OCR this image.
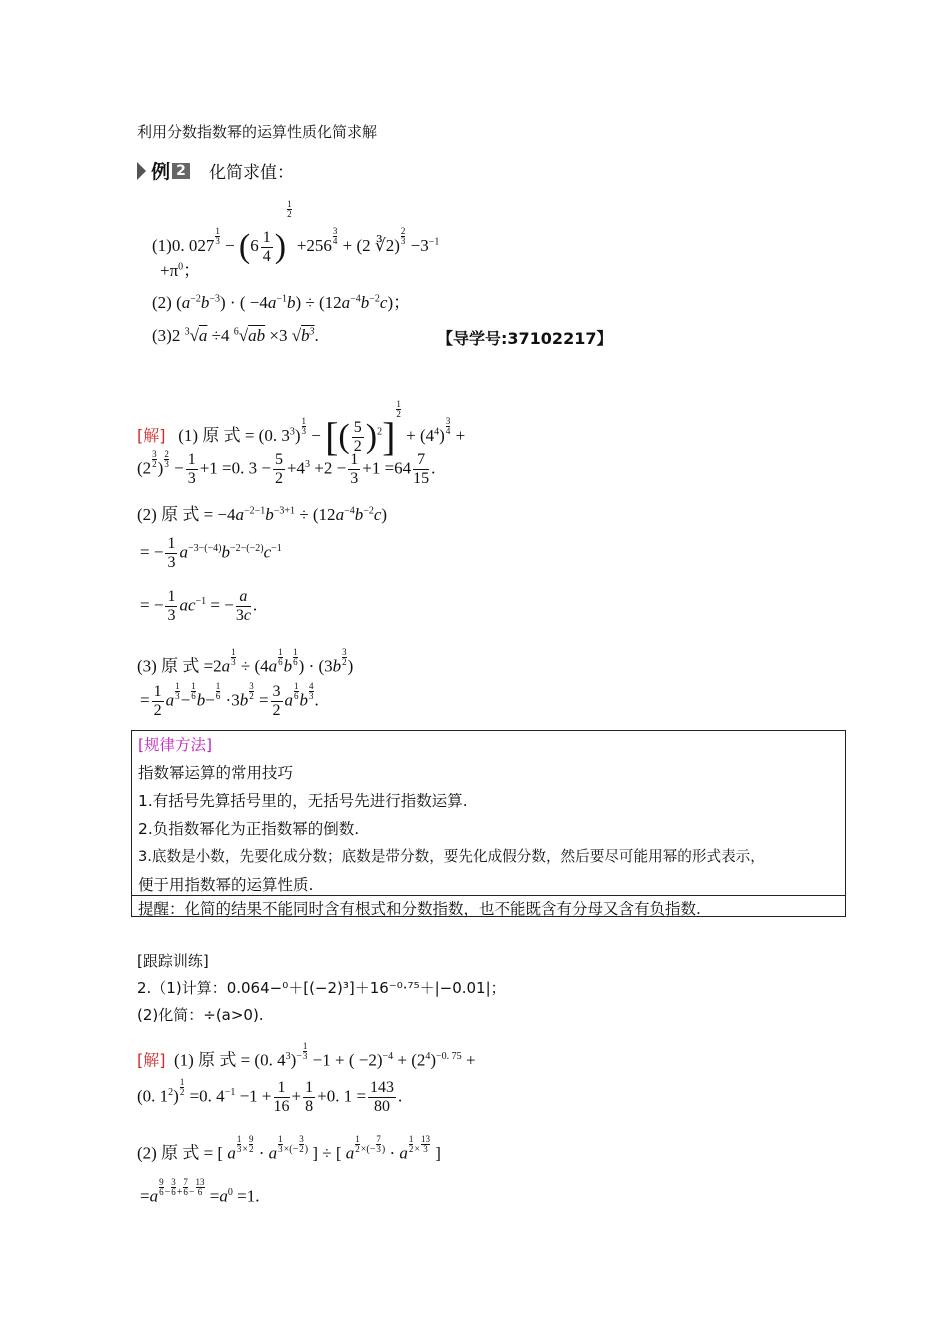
利用分数指数幂的运算性质化简求解
例 2 化简求值：
(1)0. $027 \frac{1}{3} - (6 \frac{1}{4}$ )
$\frac{1}{2}$
$+256 \frac{3}{4} + (2$ ∛2) $\frac{2}{3} -3^{-1}$
$+\pi^0$；
(2) $(a^{-2}b^{-3})$ · ( $-4a^{-1}b) \div (12a^{-4}b^{-2}c)$；
(3)2 $^3$√a ÷4 $^6$√ab ×3 $√b^3$.	【导学号:37102217】
[解]   (1) 原 式 = (0. $3^3) \frac{1}{3}$ − [( $\frac{5}{2} )^2$]
$\frac{1}{2}$
+ $(4^4) \frac{3}{4}$ +
($2 \frac{3}{2}$ ) $\frac{2}{3} - \frac{1}{3} +1 =0$. $3 - \frac{5}{2} +4^3 +2 - \frac{1}{3} +1 =64 \frac{7}{15}$ .
(2) 原 式 = $-4a^{-2-1}b^{-3+1} \div (12a^{-4}b^{-2}c)$
= − $\frac{1}{3} a^{-3-(-4)}b^{-2-(-2)}c^{-1}$
= − $\frac{1}{3} ac^{-1}$ = − $\frac{a}{3c}$ .
(3) 原 式 $=2a \frac{1}{3} \div (4a \frac{1}{6}$ b $\frac{1}{6}$ ) · ($3b \frac{3}{2}$ )
= $\frac{1}{2}$ a $\frac{1}{3} - \frac{1}{6} b- \frac{1}{6} \cdot 3b \frac{3}{2} = \frac{3}{2}$ a $\frac{1}{6}$ b $\frac{4}{3}$ .
[规律方法]
指数幂运算的常用技巧
1.有括号先算括号里的，无括号先进行指数运算.
2.负指数幂化为正指数幂的倒数.
3.底数是小数，先要化成分数；底数是带分数，要先化成假分数，然后要尽可能用幂的形式表示，
便于用指数幂的运算性质.
提醒：化简的结果不能同时含有根式和分数指数，也不能既含有分母又含有负指数.
[跟踪训练]
2.（1)计算：0.064−⁰＋[(−2)³]＋16⁻⁰·⁷⁵＋|−0.01|；
(2)化简：÷(a>0).
[解]  (1) 原 式 = (0. $4^3)^- \frac{1}{3} -1$ + ( $-2)^{-4} + (2^4)^{-0. 75}$ +
(0. $1^2) \frac{1}{2} =0$. $4^{-1} -1 + \frac{1}{16} + \frac{1}{8} +0$. $1 = \frac{143}{80}$ .
(2) 原 式 = [ a $^{\frac{1}{3} \times \frac{9}{2}}$ · a $^{\frac{1}{3} \times(- \frac{3}{2} )}$ ] ÷ [ a $^{\frac{1}{2} \times(- \frac{7}{3} )}$ · a $^{\frac{1}{2} \times \frac{13}{3}}$ ]
=a $^{\frac{9}{6} - \frac{3}{6} + \frac{7}{6} - \frac{13}{6}} =a^0 =1$.
